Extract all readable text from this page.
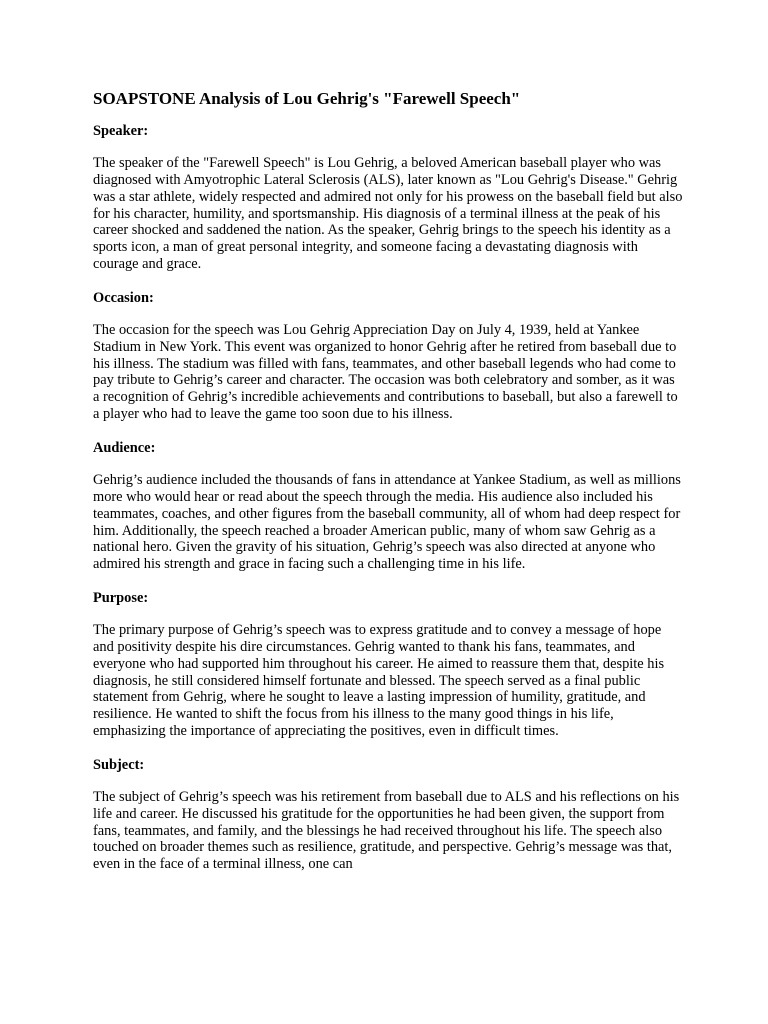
SOAPSTONE Analysis of Lou Gehrig's "Farewell Speech"
Speaker:

The speaker of the "Farewell Speech" is Lou Gehrig, a beloved American baseball player who was diagnosed with Amyotrophic Lateral Sclerosis (ALS), later known as "Lou Gehrig's Disease." Gehrig was a star athlete, widely respected and admired not only for his prowess on the baseball field but also for his character, humility, and sportsmanship. His diagnosis of a terminal illness at the peak of his career shocked and saddened the nation. As the speaker, Gehrig brings to the speech his identity as a sports icon, a man of great personal integrity, and someone facing a devastating diagnosis with courage and grace.

Occasion:

The occasion for the speech was Lou Gehrig Appreciation Day on July 4, 1939, held at Yankee Stadium in New York. This event was organized to honor Gehrig after he retired from baseball due to his illness. The stadium was filled with fans, teammates, and other baseball legends who had come to pay tribute to Gehrig’s career and character. The occasion was both celebratory and somber, as it was a recognition of Gehrig’s incredible achievements and contributions to baseball, but also a farewell to a player who had to leave the game too soon due to his illness.

Audience:

Gehrig’s audience included the thousands of fans in attendance at Yankee Stadium, as well as millions more who would hear or read about the speech through the media. His audience also included his teammates, coaches, and other figures from the baseball community, all of whom had deep respect for him. Additionally, the speech reached a broader American public, many of whom saw Gehrig as a national hero. Given the gravity of his situation, Gehrig’s speech was also directed at anyone who admired his strength and grace in facing such a challenging time in his life.

Purpose:

The primary purpose of Gehrig’s speech was to express gratitude and to convey a message of hope and positivity despite his dire circumstances. Gehrig wanted to thank his fans, teammates, and everyone who had supported him throughout his career. He aimed to reassure them that, despite his diagnosis, he still considered himself fortunate and blessed. The speech served as a final public statement from Gehrig, where he sought to leave a lasting impression of humility, gratitude, and resilience. He wanted to shift the focus from his illness to the many good things in his life, emphasizing the importance of appreciating the positives, even in difficult times.

Subject:

The subject of Gehrig’s speech was his retirement from baseball due to ALS and his reflections on his life and career. He discussed his gratitude for the opportunities he had been given, the support from fans, teammates, and family, and the blessings he had received throughout his life. The speech also touched on broader themes such as resilience, gratitude, and perspective. Gehrig’s message was that, even in the face of a terminal illness, one can
